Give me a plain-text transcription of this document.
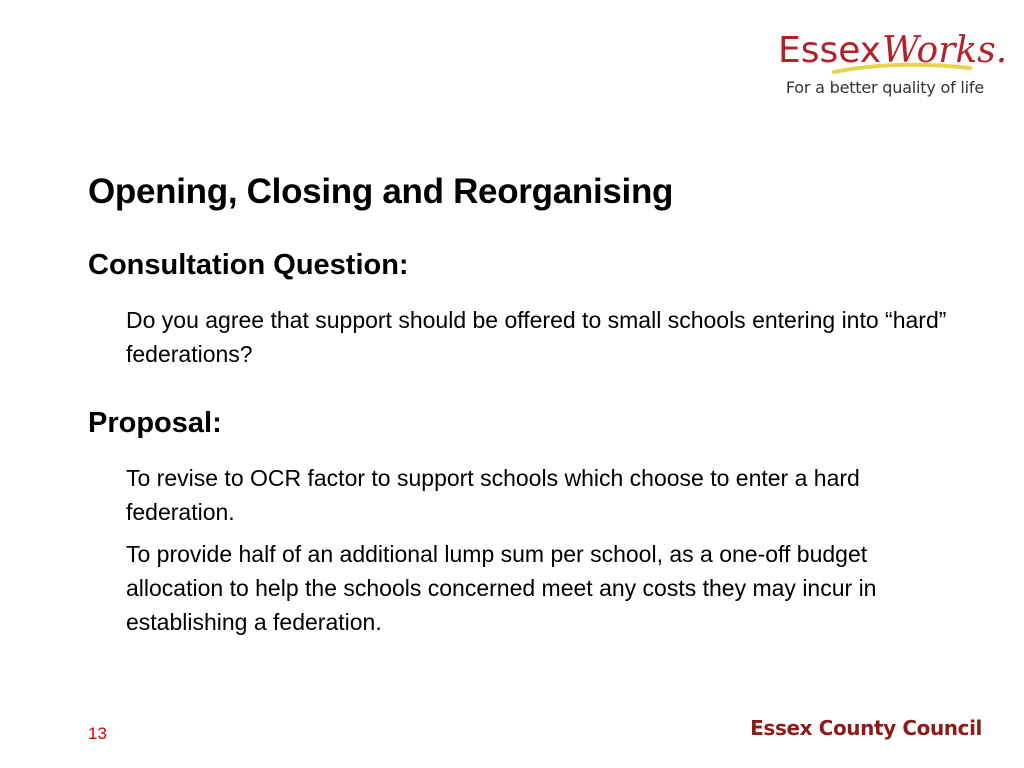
Essex Works.
For a better quality of life
Opening, Closing and Reorganising
Consultation Question:

Do you agree that support should be offered to small schools entering into “hard” federations?

Proposal:

To revise to OCR factor to support schools which choose to enter a hard federation.

To provide half of an additional lump sum per school, as a one-off budget allocation to help the schools concerned meet any costs they may incur in establishing a federation.

13	Essex County Council
